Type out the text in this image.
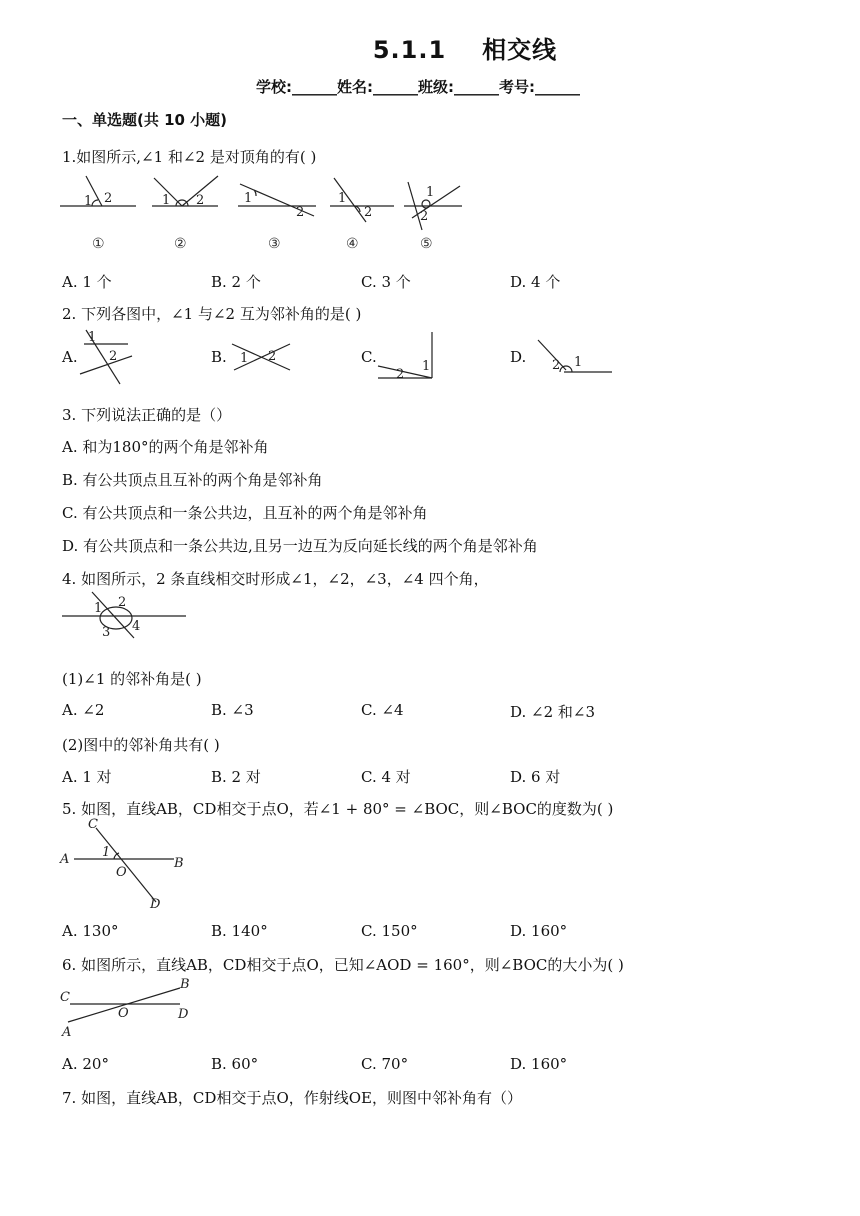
5.1.1 相交线
学校:______姓名:______班级:______考号:______
一、单选题(共 10 小题)
1.如图所示,∠1 和∠2 是对顶角的有( )
1 2	1 2	1
2
1
2
1
2
①	②	③	④	⑤
A. 1 个	B. 2 个	C. 3 个	D. 4 个
2. 下列各图中，∠1 与∠2 互为邻补角的是( )
A.	B.	C.	D.
1
2	1 2
1
2
1
2
3. 下列说法正确的是（）
A. 和为180°的两个角是邻补角
B. 有公共顶点且互补的两个角是邻补角
C. 有公共顶点和一条公共边，且互补的两个角是邻补角
D. 有公共顶点和一条公共边,且另一边互为反向延长线的两个角是邻补角
4. 如图所示，2 条直线相交时形成∠1，∠2，∠3，∠4 四个角，
1 2
3 4
(1)∠1 的邻补角是( )
A. ∠2	B. ∠3	C. ∠4	D. ∠2 和∠3
(2)图中的邻补角共有( )
A. 1 对	B. 2 对	C. 4 对	D. 6 对
5. 如图，直线AB，CD相交于点O，若∠1 + 80° = ∠BOC，则∠BOC的度数为( )
C
A	B
O
D
1
A. 130°	B. 140°	C. 150°	D. 160°
6. 如图所示，直线AB，CD相交于点O，已知∠AOD = 160°，则∠BOC的大小为( )
C
B
O	D
A
A. 20°	B. 60°	C. 70°	D. 160°
7. 如图，直线AB，CD相交于点O，作射线OE，则图中邻补角有（）
